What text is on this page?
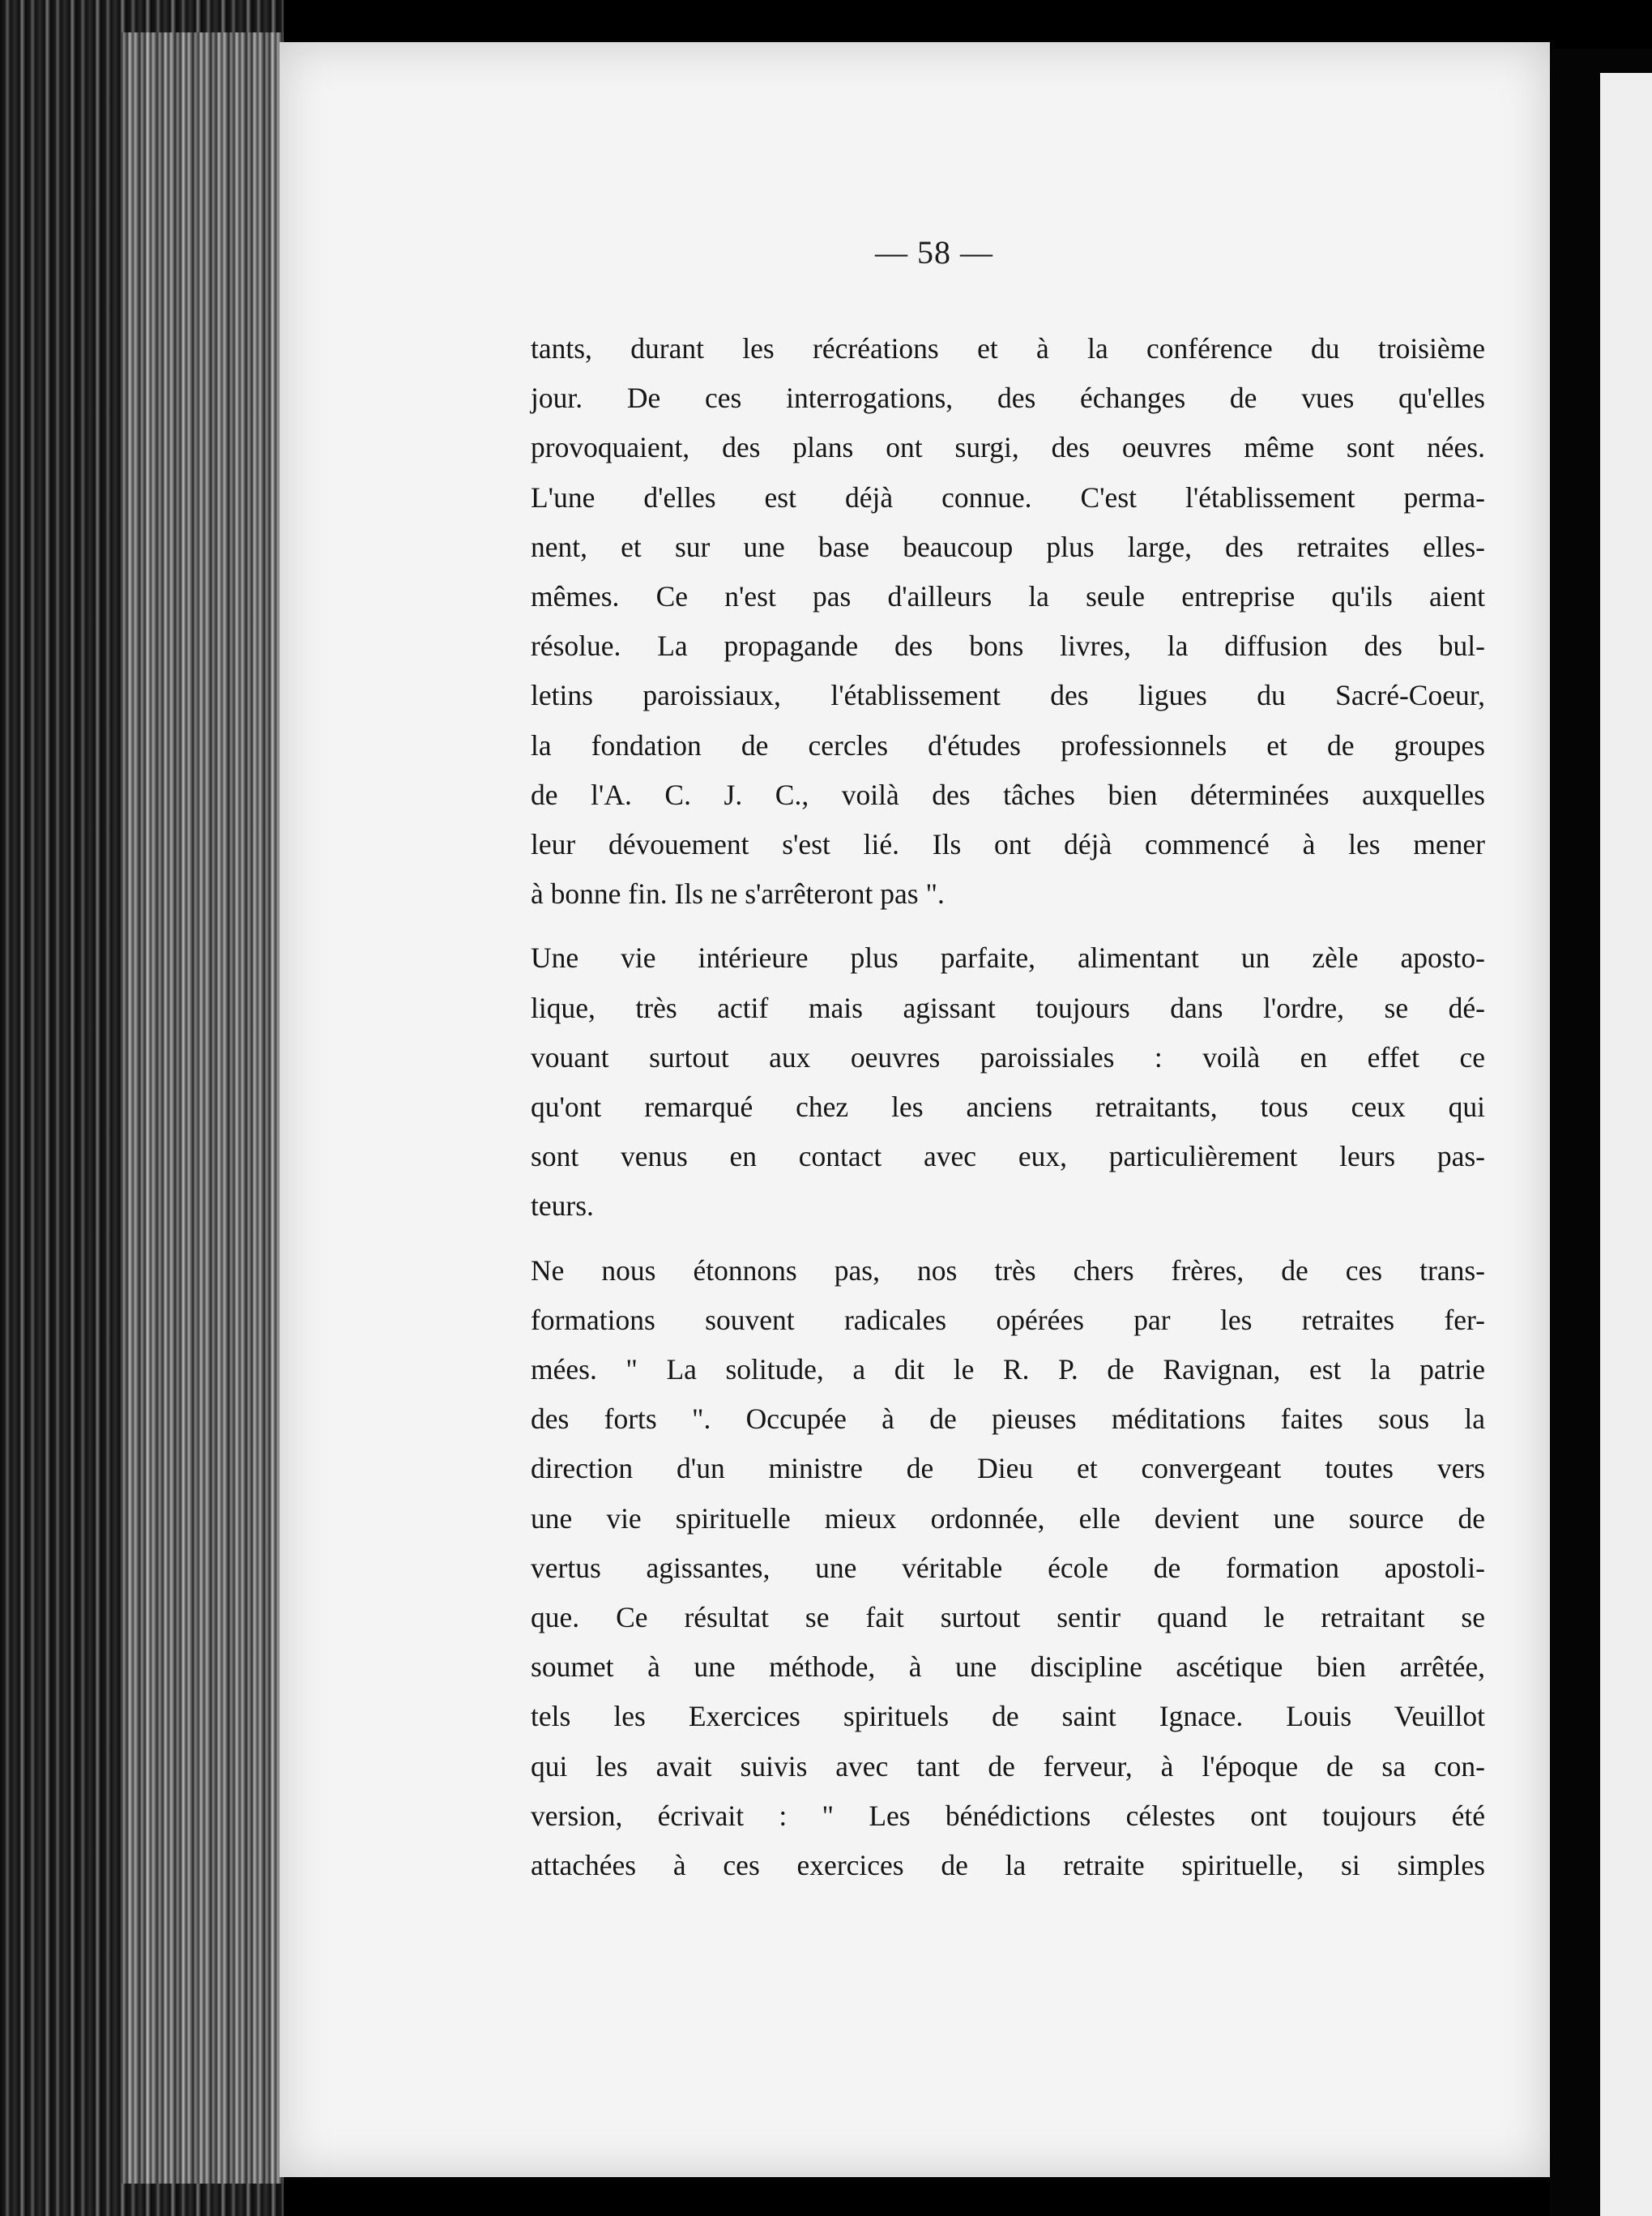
— 58 —

tants, durant les récréations et à la conférence du troisième
jour. De ces interrogations, des échanges de vues qu'elles
provoquaient, des plans ont surgi, des oeuvres même sont nées.
L'une d'elles est déjà connue. C'est l'établissement perma-
nent, et sur une base beaucoup plus large, des retraites elles-
mêmes. Ce n'est pas d'ailleurs la seule entreprise qu'ils aient
résolue. La propagande des bons livres, la diffusion des bul-
letins paroissiaux, l'établissement des ligues du Sacré-Coeur,
la fondation de cercles d'études professionnels et de groupes
de l'A. C. J. C., voilà des tâches bien déterminées auxquelles
leur dévouement s'est lié. Ils ont déjà commencé à les mener
à bonne fin. Ils ne s'arrêteront pas ".

Une vie intérieure plus parfaite, alimentant un zèle aposto-
lique, très actif mais agissant toujours dans l'ordre, se dé-
vouant surtout aux oeuvres paroissiales : voilà en effet ce
qu'ont remarqué chez les anciens retraitants, tous ceux qui
sont venus en contact avec eux, particulièrement leurs pas-
teurs.

Ne nous étonnons pas, nos très chers frères, de ces trans-
formations souvent radicales opérées par les retraites fer-
mées. " La solitude, a dit le R. P. de Ravignan, est la patrie
des forts ". Occupée à de pieuses méditations faites sous la
direction d'un ministre de Dieu et convergeant toutes vers
une vie spirituelle mieux ordonnée, elle devient une source de
vertus agissantes, une véritable école de formation apostoli-
que. Ce résultat se fait surtout sentir quand le retraitant se
soumet à une méthode, à une discipline ascétique bien arrêtée,
tels les Exercices spirituels de saint Ignace. Louis Veuillot
qui les avait suivis avec tant de ferveur, à l'époque de sa con-
version, écrivait : " Les bénédictions célestes ont toujours été
attachées à ces exercices de la retraite spirituelle, si simples
